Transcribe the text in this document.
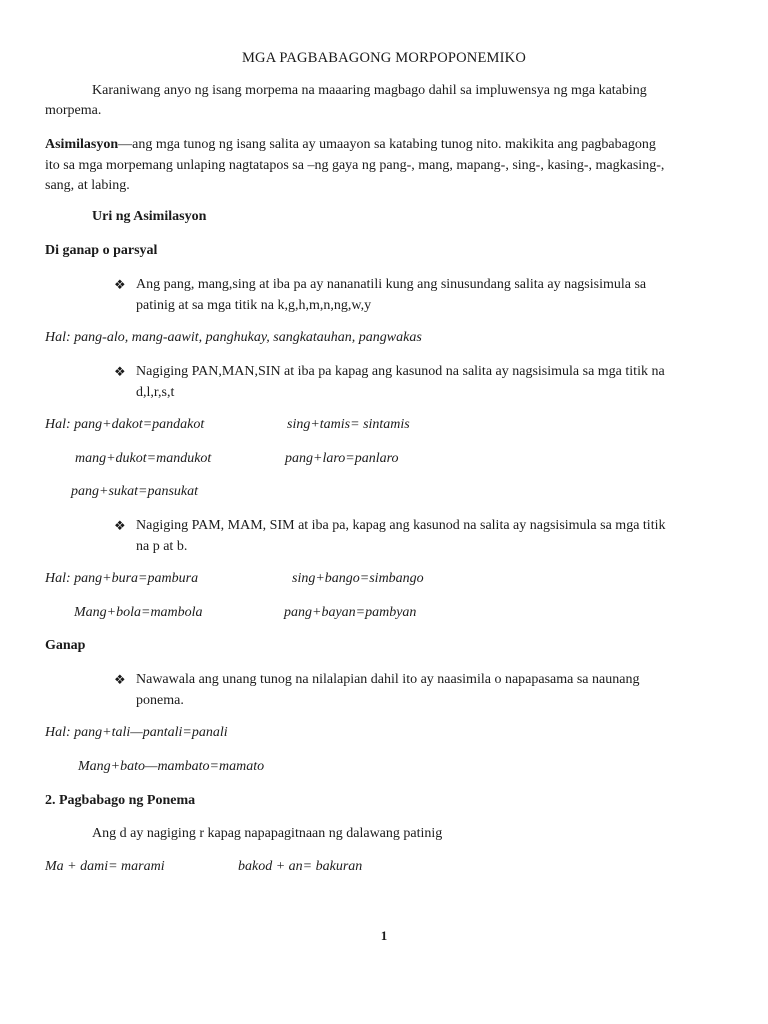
MGA PAGBABAGONG MORPOPONEMIKO
Karaniwang anyo ng isang morpema na maaaring magbago dahil sa impluwensya ng mga katabing
morpema.
Asimilasyon—ang mga tunog ng isang salita ay umaayon sa katabing tunog nito. makikita ang pagbabagong
ito sa mga morpemang unlaping nagtatapos sa –ng gaya ng pang-, mang, mapang-, sing-, kasing-, magkasing-,
sang, at labing.
Uri ng Asimilasyon
Di ganap o parsyal
❖ Ang pang, mang,sing at iba pa ay nananatili kung ang sinusundang salita ay nagsisimula sa
patinig at sa mga titik na k,g,h,m,n,ng,w,y
Hal: pang-alo, mang-aawit, panghukay, sangkatauhan, pangwakas
❖ Nagiging PAN,MAN,SIN at iba pa kapag ang kasunod na salita ay nagsisimula sa mga titik na
d,l,r,s,t
Hal: pang+dakot=pandakot	sing+tamis= sintamis
mang+dukot=mandukot	pang+laro=panlaro
pang+sukat=pansukat
❖ Nagiging PAM, MAM, SIM at iba pa, kapag ang kasunod na salita ay nagsisimula sa mga titik
na p at b.
Hal: pang+bura=pambura	sing+bango=simbango
Mang+bola=mambola	pang+bayan=pambyan
Ganap
❖ Nawawala ang unang tunog na nilalapian dahil ito ay naasimila o napapasama sa naunang
ponema.
Hal: pang+tali—pantali=panali
Mang+bato—mambato=mamato
2. Pagbabago ng Ponema
Ang d ay nagiging r kapag napapagitnaan ng dalawang patinig
Ma + dami= marami	bakod + an= bakuran
1
